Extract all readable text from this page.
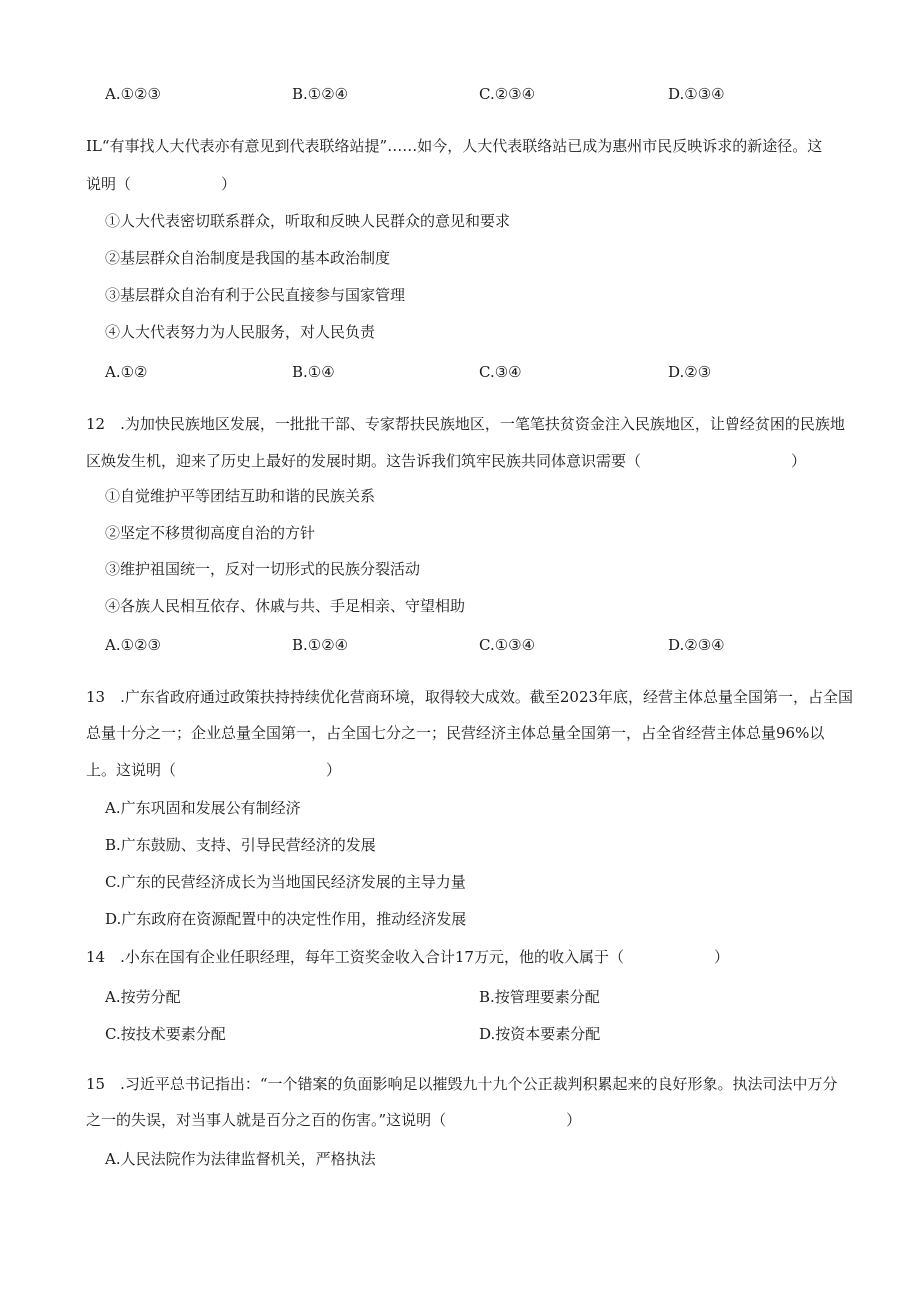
A.①②③	B.①②④	C.②③④	D.①③④
IL“有事找人大代表亦有意见到代表联络站提”……如今，人大代表联络站已成为惠州市民反映诉求的新途径。这
说明（　　　　　　）
①人大代表密切联系群众，听取和反映人民群众的意见和要求
②基层群众自治制度是我国的基本政治制度
③基层群众自治有利于公民直接参与国家管理
④人大代表努力为人民服务，对人民负责
A.①②	B.①④	C.③④	D.②③
12　.为加快民族地区发展，一批批干部、专家帮扶民族地区，一笔笔扶贫资金注入民族地区，让曾经贫困的民族地
区焕发生机，迎来了历史上最好的发展时期。这告诉我们筑牢民族共同体意识需要（　　　　　　　　　　）
①自觉维护平等团结互助和谐的民族关系
②坚定不移贯彻高度自治的方针
③维护祖国统一，反对一切形式的民族分裂活动
④各族人民相互依存、休戚与共、手足相亲、守望相助
A.①②③	B.①②④	C.①③④	D.②③④
13　.广东省政府通过政策扶持持续优化营商环境，取得较大成效。截至2023年底，经营主体总量全国第一，占全国
总量十分之一；企业总量全国第一，占全国七分之一；民营经济主体总量全国第一，占全省经营主体总量96%以
上。这说明（　　　　　　　　　　）
A.广东巩固和发展公有制经济
B.广东鼓励、支持、引导民营经济的发展
C.广东的民营经济成长为当地国民经济发展的主导力量
D.广东政府在资源配置中的决定性作用，推动经济发展
14　.小东在国有企业任职经理，每年工资奖金收入合计17万元，他的收入属于（　　　　　　）
A.按劳分配	B.按管理要素分配
C.按技术要素分配	D.按资本要素分配
15　.习近平总书记指出：“一个错案的负面影响足以摧毁九十九个公正裁判积累起来的良好形象。执法司法中万分
之一的失误，对当事人就是百分之百的伤害。”这说明（　　　　　　　　）
A.人民法院作为法律监督机关，严格执法
